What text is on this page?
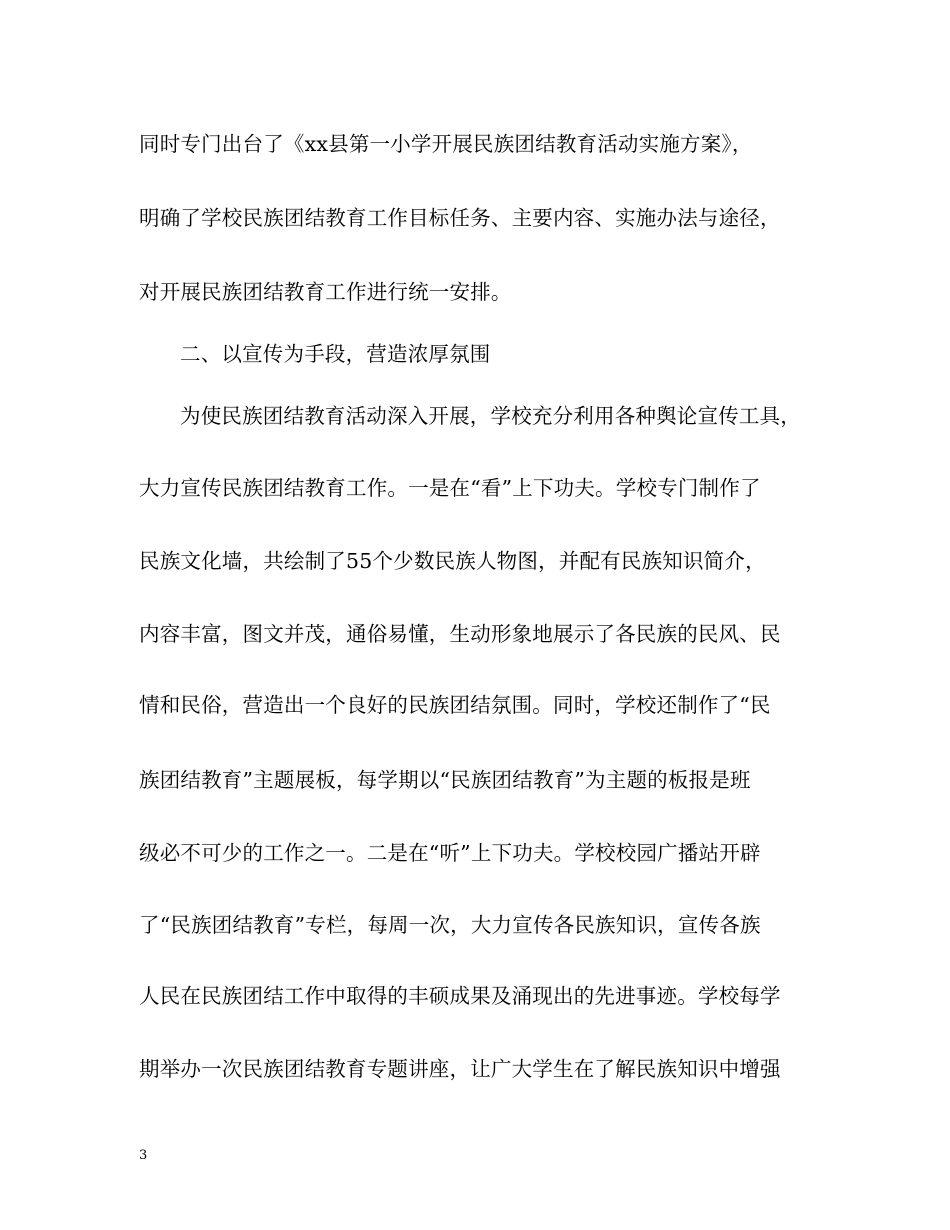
同时专门出台了《xx县第一小学开展民族团结教育活动实施方案》，
明确了学校民族团结教育工作目标任务、主要内容、实施办法与途径，
对开展民族团结教育工作进行统一安排。
二、以宣传为手段，营造浓厚氛围
为使民族团结教育活动深入开展，学校充分利用各种舆论宣传工具，
大力宣传民族团结教育工作。一是在“看”上下功夫。学校专门制作了
民族文化墙，共绘制了55个少数民族人物图，并配有民族知识简介，
内容丰富，图文并茂，通俗易懂，生动形象地展示了各民族的民风、民
情和民俗，营造出一个良好的民族团结氛围。同时，学校还制作了“民
族团结教育”主题展板，每学期以“民族团结教育”为主题的板报是班
级必不可少的工作之一。二是在“听”上下功夫。学校校园广播站开辟
了“民族团结教育”专栏，每周一次，大力宣传各民族知识，宣传各族
人民在民族团结工作中取得的丰硕成果及涌现出的先进事迹。学校每学
期举办一次民族团结教育专题讲座，让广大学生在了解民族知识中增强
3
